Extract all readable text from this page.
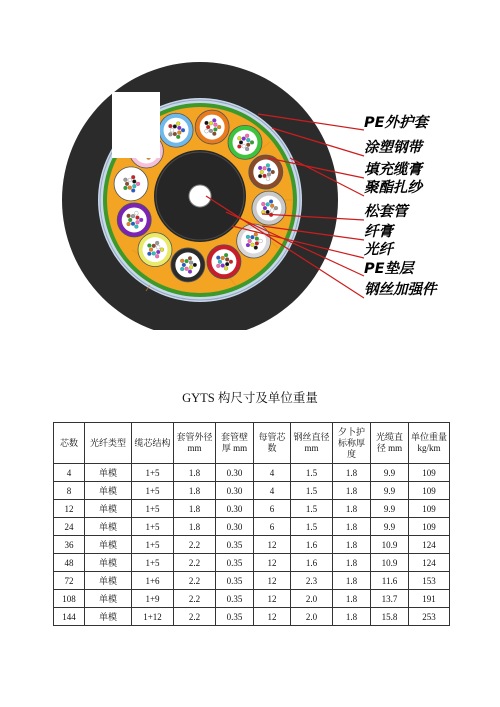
PE外护套
涂塑钢带
填充缆膏
聚酯扎纱
松套管
纤膏
光纤
PE垫层
钢丝加强件
GYTS 构尺寸及单位重量
芯数	光纤类型	缆芯结构	套管外径 mm	套管壁厚 mm	每管芯数	钢丝直径 mm	夕卜护标称厚度	光缆直径 mm	单位重量 kg/km
4	单模	1+5	1.8	0.30	4	1.5	1.8	9.9	109
8	单模	1+5	1.8	0.30	4	1.5	1.8	9.9	109
12	单模	1+5	1.8	0.30	6	1.5	1.8	9.9	109
24	单模	1+5	1.8	0.30	6	1.5	1.8	9.9	109
36	单模	1+5	2.2	0.35	12	1.6	1.8	10.9	124
48	单模	1+5	2.2	0.35	12	1.6	1.8	10.9	124
72	单模	1+6	2.2	0.35	12	2.3	1.8	11.6	153
108	单模	1+9	2.2	0.35	12	2.0	1.8	13.7	191
144	单模	1+12	2.2	0.35	12	2.0	1.8	15.8	253
